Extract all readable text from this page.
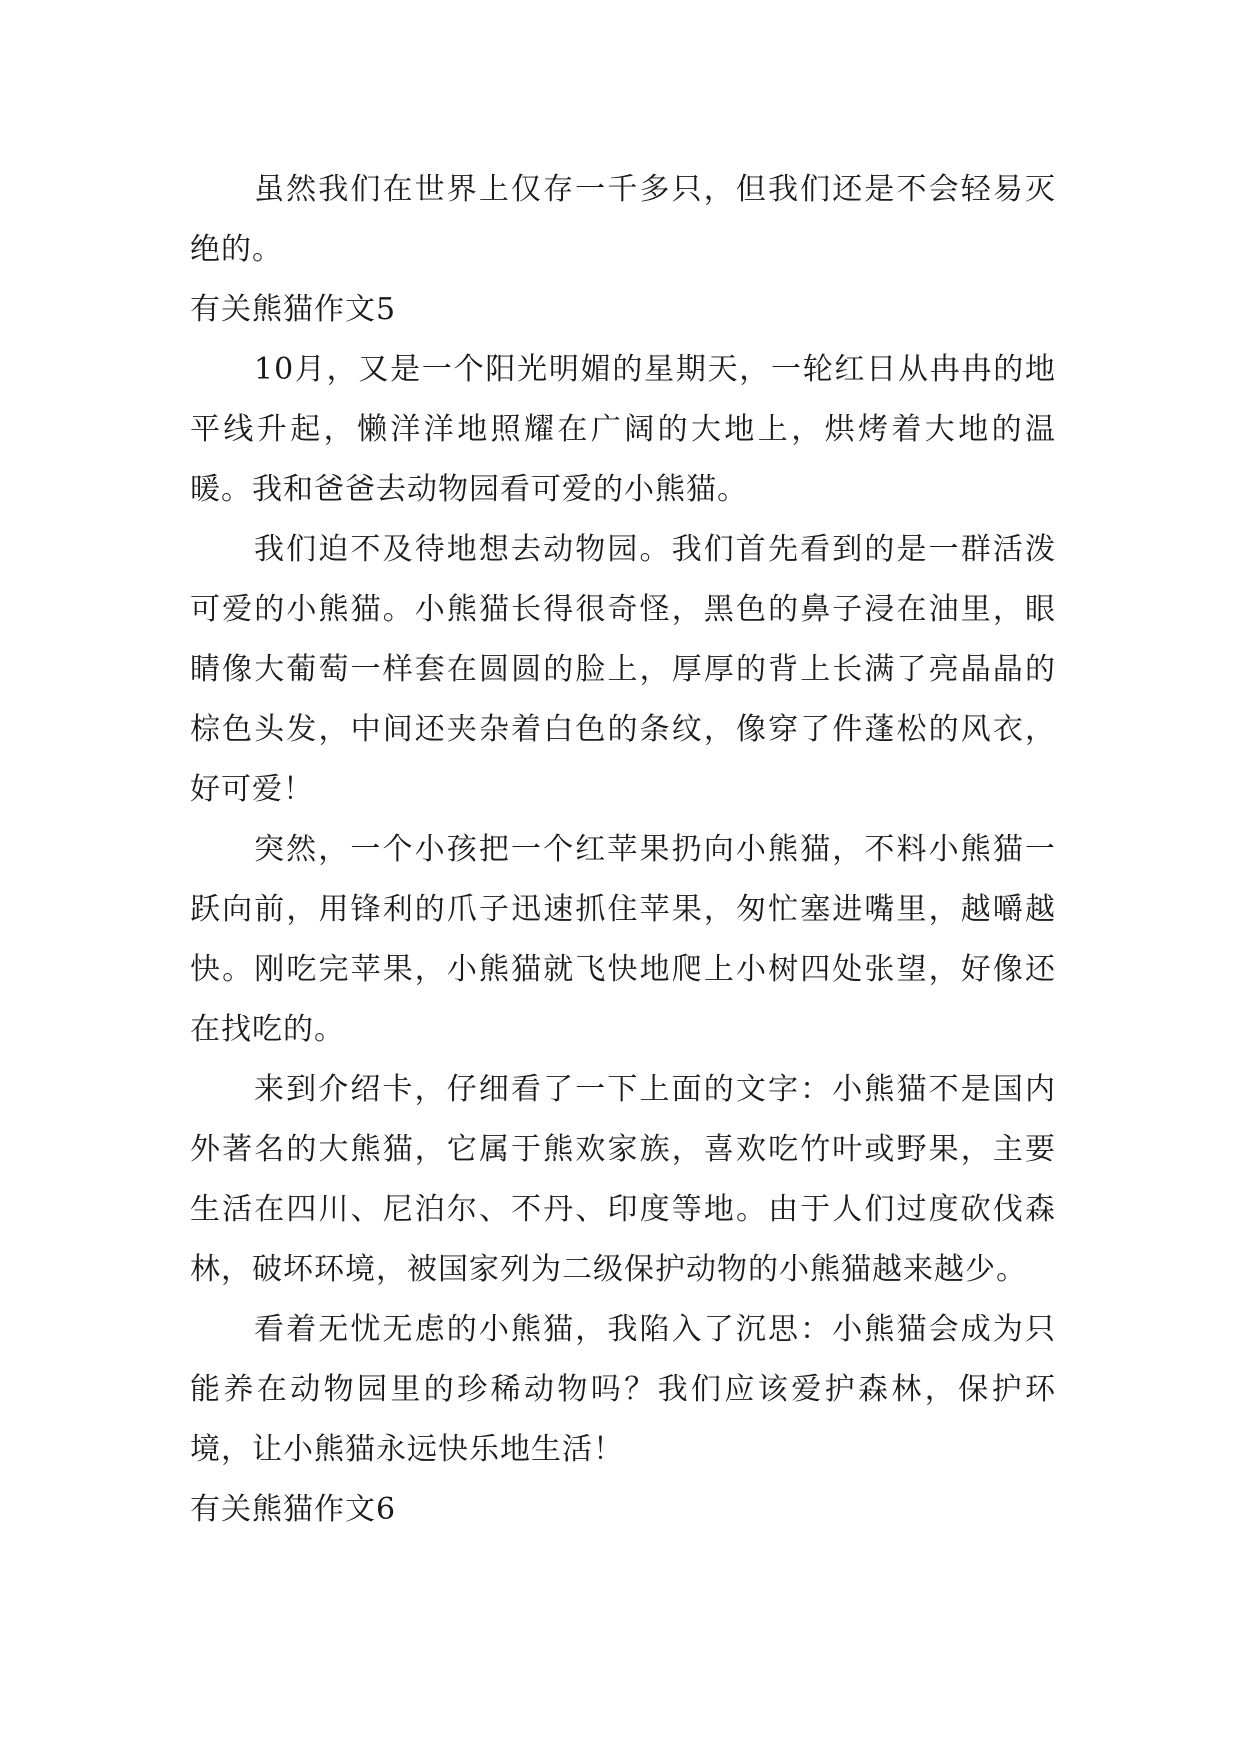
虽然我们在世界上仅存一千多只，但我们还是不会轻易灭绝的。

有关熊猫作文5

10月，又是一个阳光明媚的星期天，一轮红日从冉冉的地平线升起，懒洋洋地照耀在广阔的大地上，烘烤着大地的温暖。我和爸爸去动物园看可爱的小熊猫。

我们迫不及待地想去动物园。我们首先看到的是一群活泼可爱的小熊猫。小熊猫长得很奇怪，黑色的鼻子浸在油里，眼睛像大葡萄一样套在圆圆的脸上，厚厚的背上长满了亮晶晶的棕色头发，中间还夹杂着白色的条纹，像穿了件蓬松的风衣，好可爱！

突然，一个小孩把一个红苹果扔向小熊猫，不料小熊猫一跃向前，用锋利的爪子迅速抓住苹果，匆忙塞进嘴里，越嚼越快。刚吃完苹果，小熊猫就飞快地爬上小树四处张望，好像还在找吃的。

来到介绍卡，仔细看了一下上面的文字：小熊猫不是国内外著名的大熊猫，它属于熊欢家族，喜欢吃竹叶或野果，主要生活在四川、尼泊尔、不丹、印度等地。由于人们过度砍伐森林，破坏环境，被国家列为二级保护动物的小熊猫越来越少。

看着无忧无虑的小熊猫，我陷入了沉思：小熊猫会成为只能养在动物园里的珍稀动物吗？我们应该爱护森林，保护环境，让小熊猫永远快乐地生活！

有关熊猫作文6
